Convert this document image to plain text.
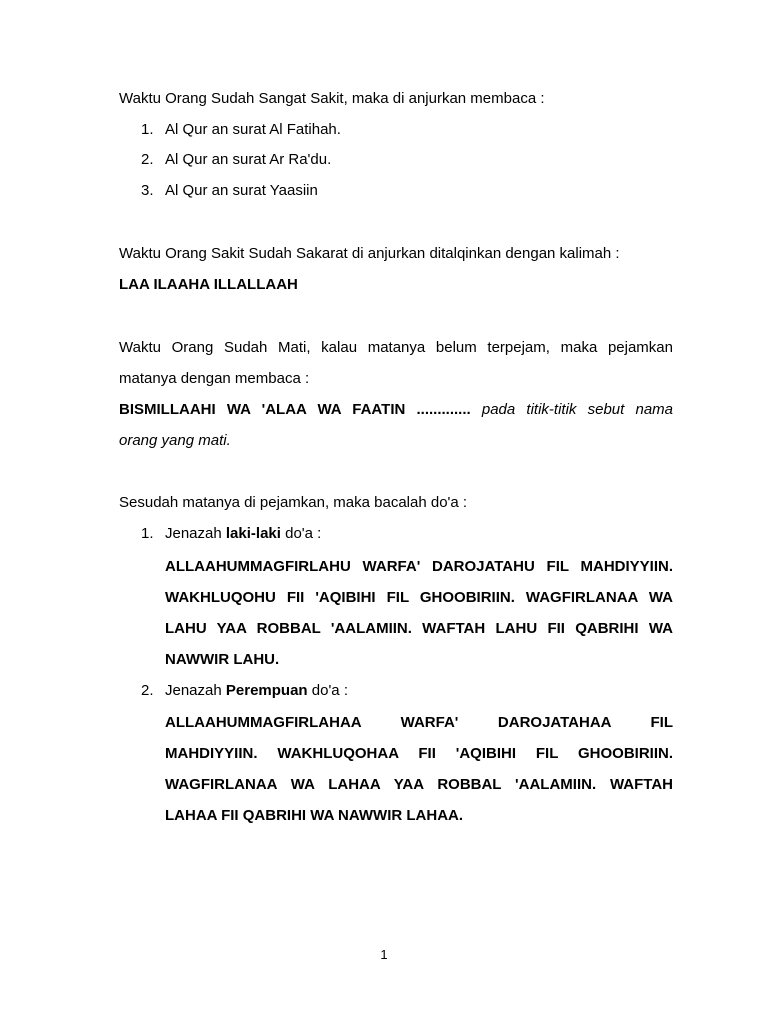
Waktu Orang Sudah Sangat Sakit, maka di anjurkan membaca :
1. Al Qur an surat Al Fatihah.
2. Al Qur an surat Ar Ra'du.
3. Al Qur an surat Yaasiin
Waktu Orang Sakit Sudah Sakarat di anjurkan ditalqinkan dengan kalimah :
LAA ILAAHA ILLALLAAH
Waktu Orang Sudah Mati, kalau matanya belum terpejam, maka pejamkan
matanya dengan membaca :
BISMILLAAHI WA 'ALAA WA FAATIN ............. pada titik-titik sebut nama
orang yang mati.
Sesudah matanya di pejamkan, maka bacalah do'a :
1. Jenazah laki-laki do'a :
ALLAAHUMMAGFIRLAHU WARFA' DAROJATAHU FIL MAHDIYYIIN.
WAKHLUQOHU FII 'AQIBIHI FIL GHOOBIRIIN. WAGFIRLANAA WA
LAHU YAA ROBBAL 'AALAMIIN. WAFTAH LAHU FII QABRIHI WA
NAWWIR LAHU.
2. Jenazah Perempuan do'a :
ALLAAHUMMAGFIRLAHAA WARFA' DAROJATAHAA FIL
MAHDIYYIIN. WAKHLUQOHAA FII 'AQIBIHI FIL GHOOBIRIIN.
WAGFIRLANAA WA LAHAA YAA ROBBAL 'AALAMIIN. WAFTAH
LAHAA FII QABRIHI WA NAWWIR LAHAA.
1
